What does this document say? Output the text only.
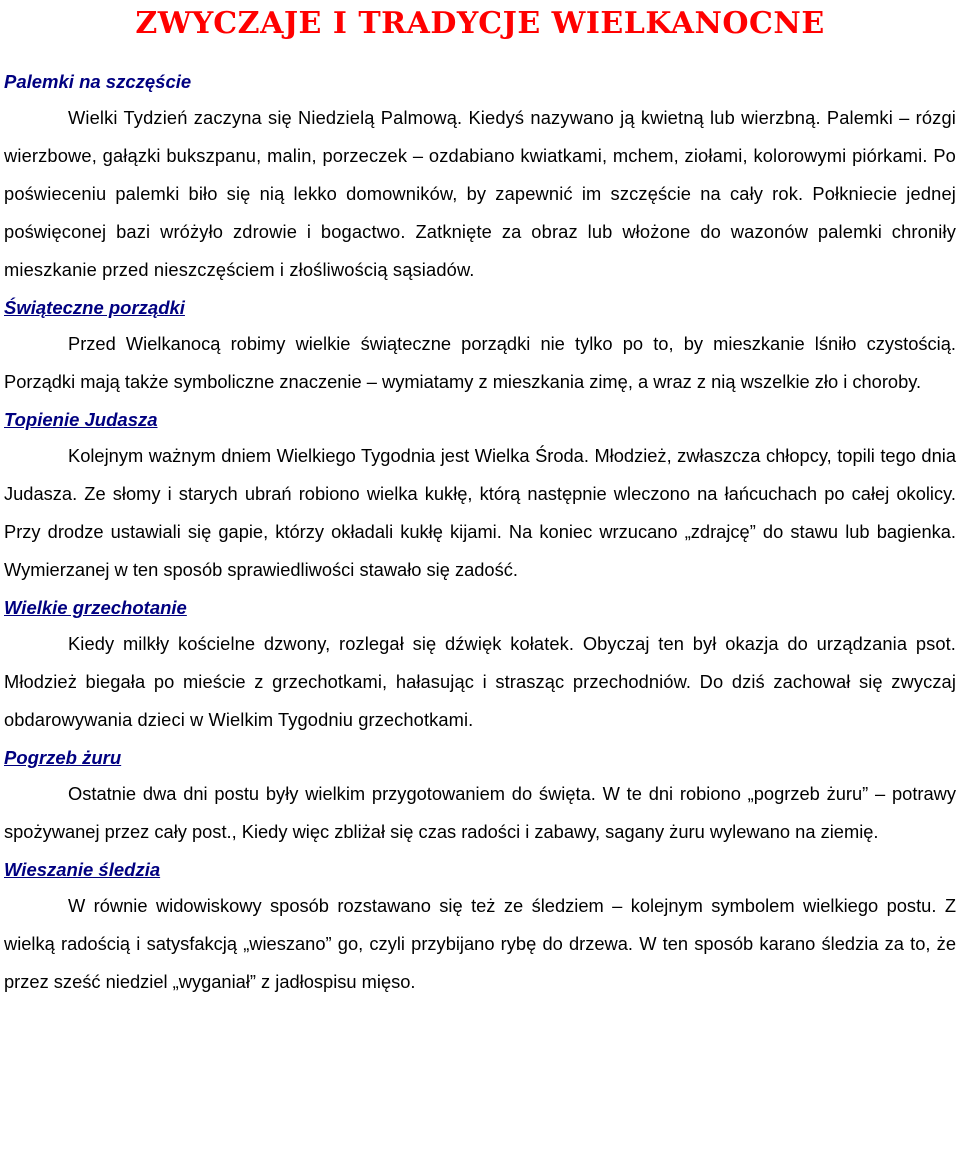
ZWYCZAJE I TRADYCJE WIELKANOCNE
Palemki na szczęście

Wielki Tydzień zaczyna się Niedzielą Palmową. Kiedyś nazywano ją kwietną lub wierzbną. Palemki – rózgi wierzbowe, gałązki bukszpanu, malin, porzeczek – ozdabiano kwiatkami, mchem, ziołami, kolorowymi piórkami. Po poświeceniu palemki biło się nią lekko domowników, by zapewnić im szczęście na cały rok. Połkniecie jednej poświęconej bazi wróżyło zdrowie i bogactwo. Zatknięte za obraz lub włożone do wazonów palemki chroniły mieszkanie przed nieszczęściem i złośliwością sąsiadów.

Świąteczne porządki

Przed Wielkanocą robimy wielkie świąteczne porządki nie tylko po to, by mieszkanie lśniło czystością. Porządki mają także symboliczne znaczenie – wymiatamy z mieszkania zimę, a wraz z nią wszelkie zło i choroby.

Topienie Judasza

Kolejnym ważnym dniem Wielkiego Tygodnia jest Wielka Środa. Młodzież, zwłaszcza chłopcy, topili tego dnia Judasza. Ze słomy i starych ubrań robiono wielka kukłę, którą następnie wleczono na łańcuchach po całej okolicy. Przy drodze ustawiali się gapie, którzy okładali kukłę kijami. Na koniec wrzucano „zdrajcę” do stawu lub bagienka. Wymierzanej w ten sposób sprawiedliwości stawało się zadość.

Wielkie grzechotanie

Kiedy milkły kościelne dzwony, rozlegał się dźwięk kołatek. Obyczaj ten był okazja do urządzania psot. Młodzież biegała po mieście z grzechotkami, hałasując i strasząc przechodniów. Do dziś zachował się zwyczaj obdarowywania dzieci w Wielkim Tygodniu grzechotkami.

Pogrzeb żuru

Ostatnie dwa dni postu były wielkim przygotowaniem do święta. W te dni robiono „pogrzeb żuru” – potrawy spożywanej przez cały post., Kiedy więc zbliżał się czas radości i zabawy, sagany żuru wylewano na ziemię.

Wieszanie śledzia

W równie widowiskowy sposób rozstawano się też ze śledziem – kolejnym symbolem wielkiego postu. Z wielką radością i satysfakcją „wieszano” go, czyli przybijano rybę do drzewa. W ten sposób karano śledzia za to, że przez sześć niedziel „wyganiał” z jadłospisu mięso.
